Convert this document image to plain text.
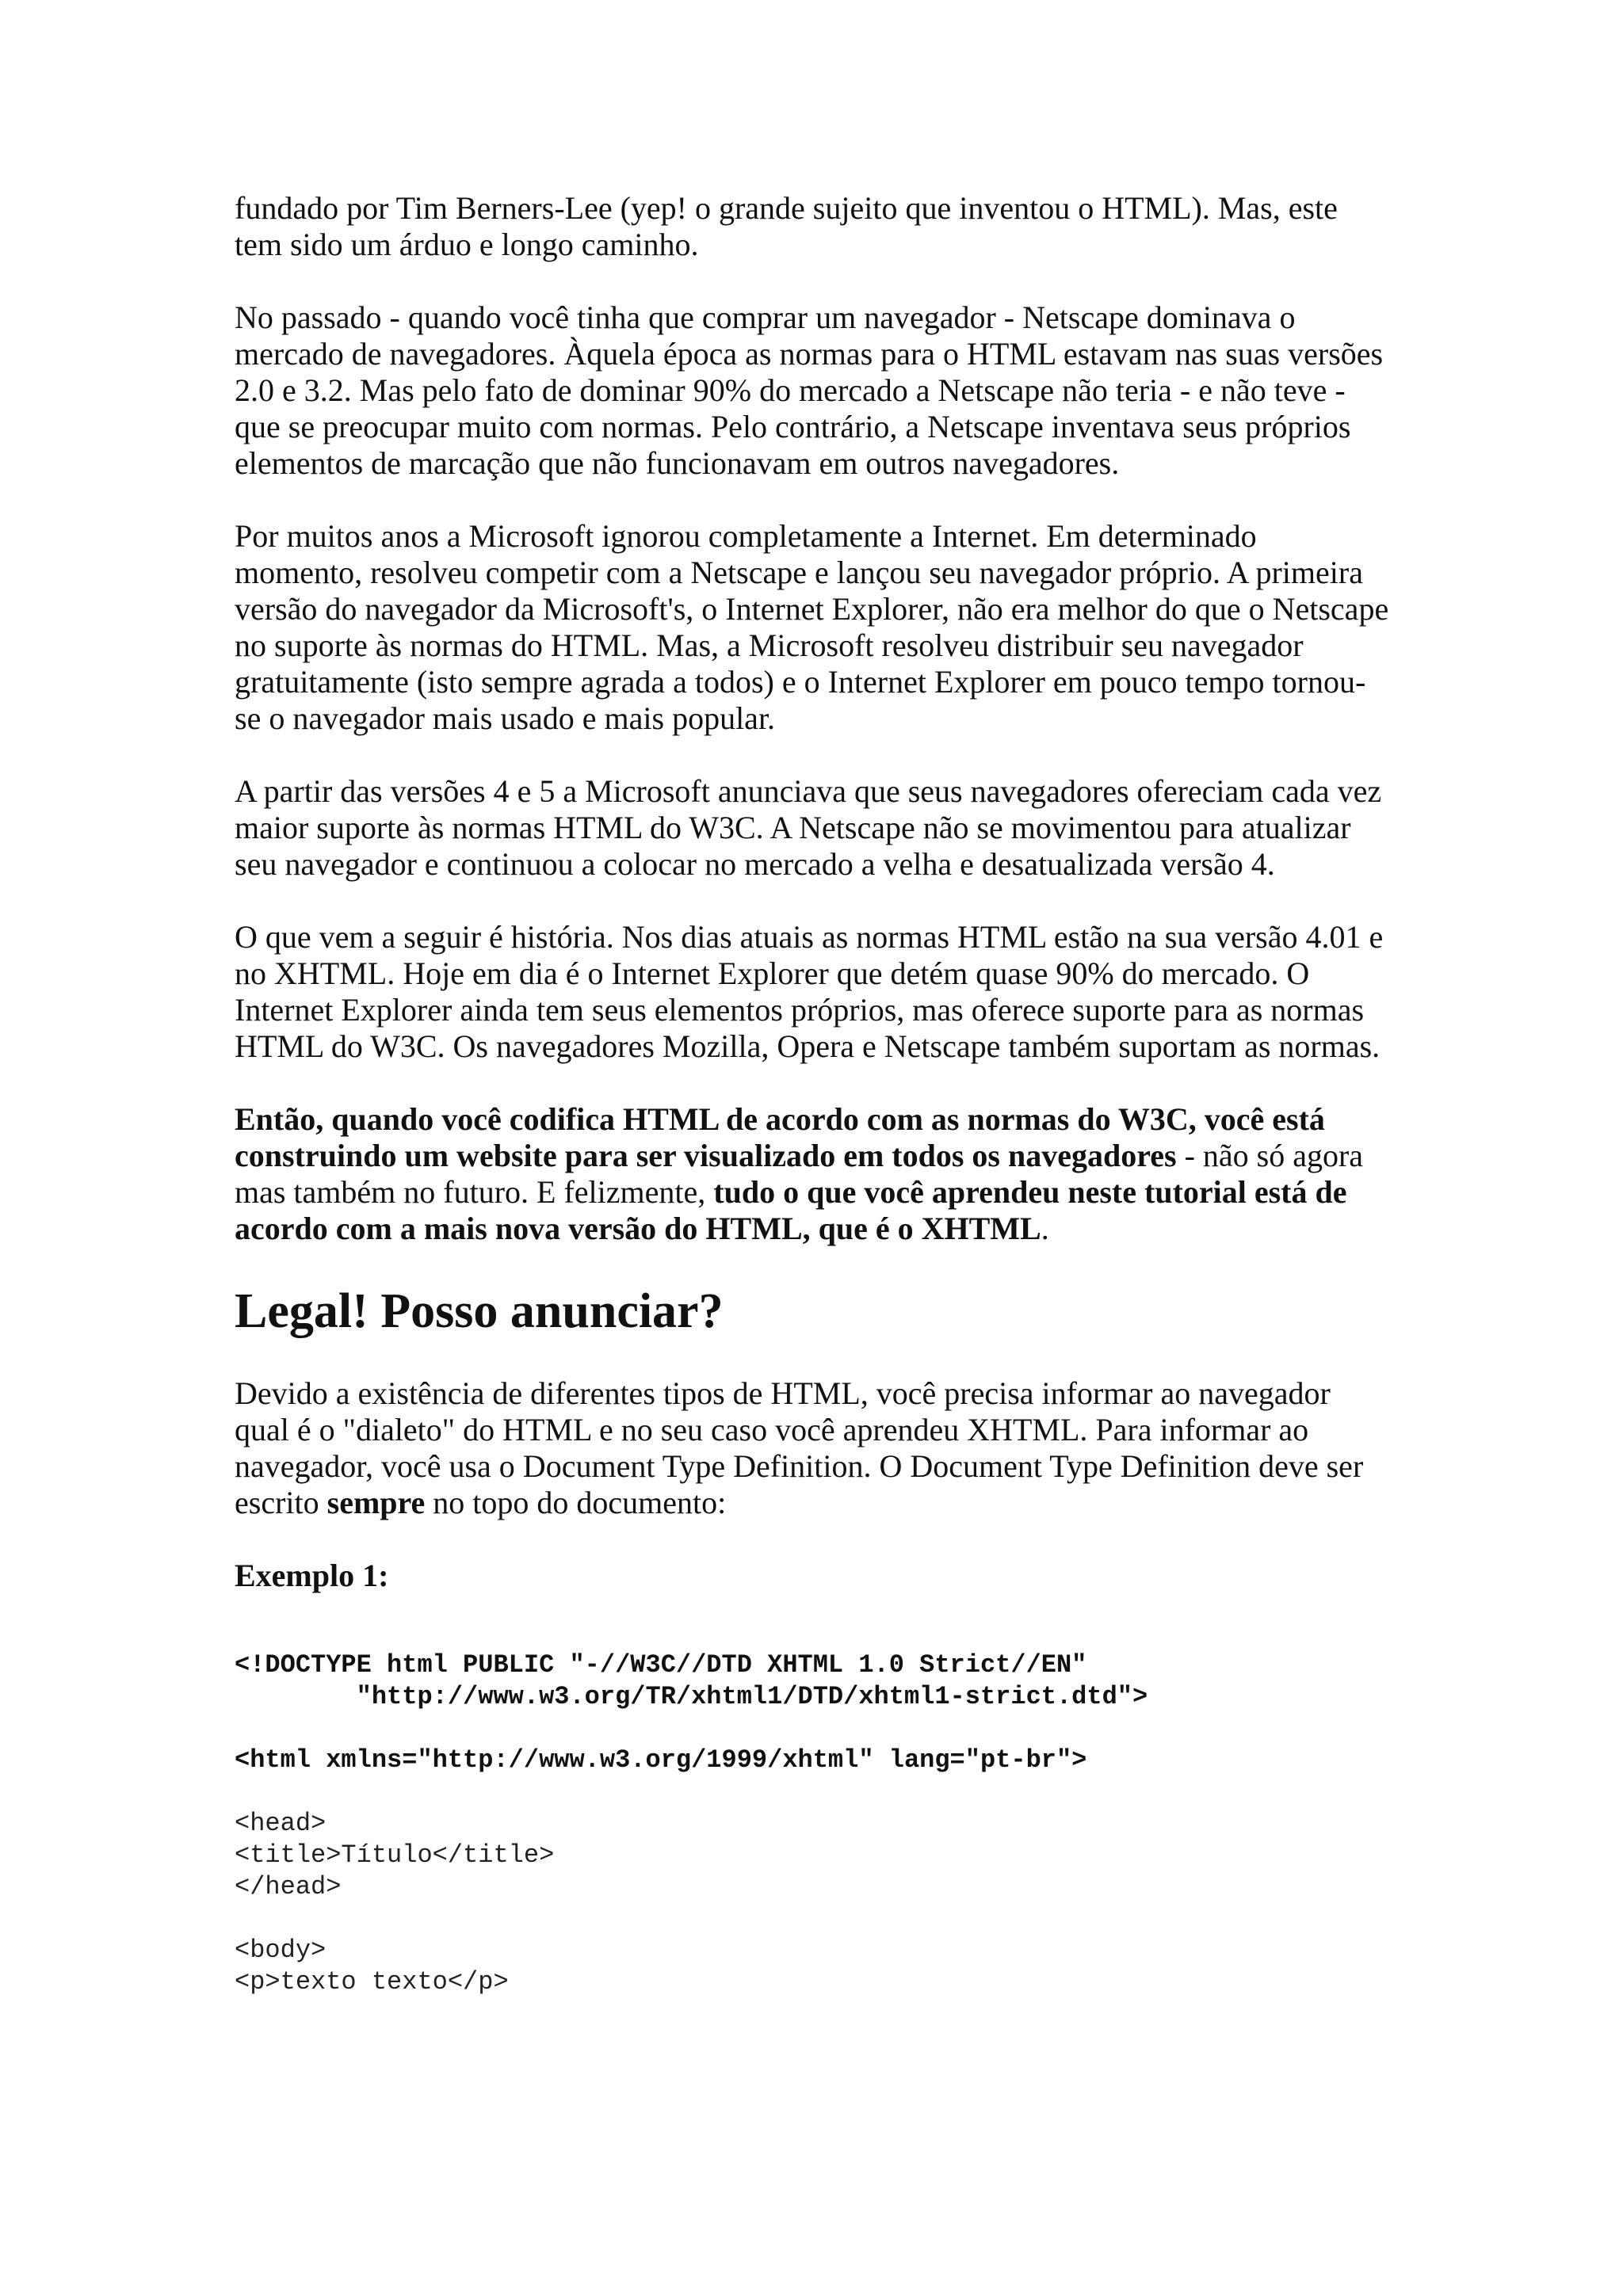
fundado por Tim Berners-Lee (yep! o grande sujeito que inventou o HTML). Mas, este tem sido um árduo e longo caminho.

No passado - quando você tinha que comprar um navegador - Netscape dominava o mercado de navegadores. Àquela época as normas para o HTML estavam nas suas versões 2.0 e 3.2. Mas pelo fato de dominar 90% do mercado a Netscape não teria - e não teve - que se preocupar muito com normas. Pelo contrário, a Netscape inventava seus próprios elementos de marcação que não funcionavam em outros navegadores.

Por muitos anos a Microsoft ignorou completamente a Internet. Em determinado momento, resolveu competir com a Netscape e lançou seu navegador próprio. A primeira versão do navegador da Microsoft's, o Internet Explorer, não era melhor do que o Netscape no suporte às normas do HTML. Mas, a Microsoft resolveu distribuir seu navegador gratuitamente (isto sempre agrada a todos) e o Internet Explorer em pouco tempo tornou-se o navegador mais usado e mais popular.

A partir das versões 4 e 5 a Microsoft anunciava que seus navegadores ofereciam cada vez maior suporte às normas HTML do W3C. A Netscape não se movimentou para atualizar seu navegador e continuou a colocar no mercado a velha e desatualizada versão 4.

O que vem a seguir é história. Nos dias atuais as normas HTML estão na sua versão 4.01 e no XHTML. Hoje em dia é o Internet Explorer que detém quase 90% do mercado. O Internet Explorer ainda tem seus elementos próprios, mas oferece suporte para as normas HTML do W3C. Os navegadores Mozilla, Opera e Netscape também suportam as normas.

Então, quando você codifica HTML de acordo com as normas do W3C, você está construindo um website para ser visualizado em todos os navegadores - não só agora mas também no futuro. E felizmente, tudo o que você aprendeu neste tutorial está de acordo com a mais nova versão do HTML, que é o XHTML.

Legal! Posso anunciar?

Devido a existência de diferentes tipos de HTML, você precisa informar ao navegador qual é o "dialeto" do HTML e no seu caso você aprendeu XHTML. Para informar ao navegador, você usa o Document Type Definition. O Document Type Definition deve ser escrito sempre no topo do documento:

Exemplo 1:

<!DOCTYPE html PUBLIC "-//W3C//DTD XHTML 1.0 Strict//EN"
"http://www.w3.org/TR/xhtml1/DTD/xhtml1-strict.dtd">
<html xmlns="http://www.w3.org/1999/xhtml" lang="pt-br">
<head>
<title>Título</title>
</head>
<body>
<p>texto texto</p>
